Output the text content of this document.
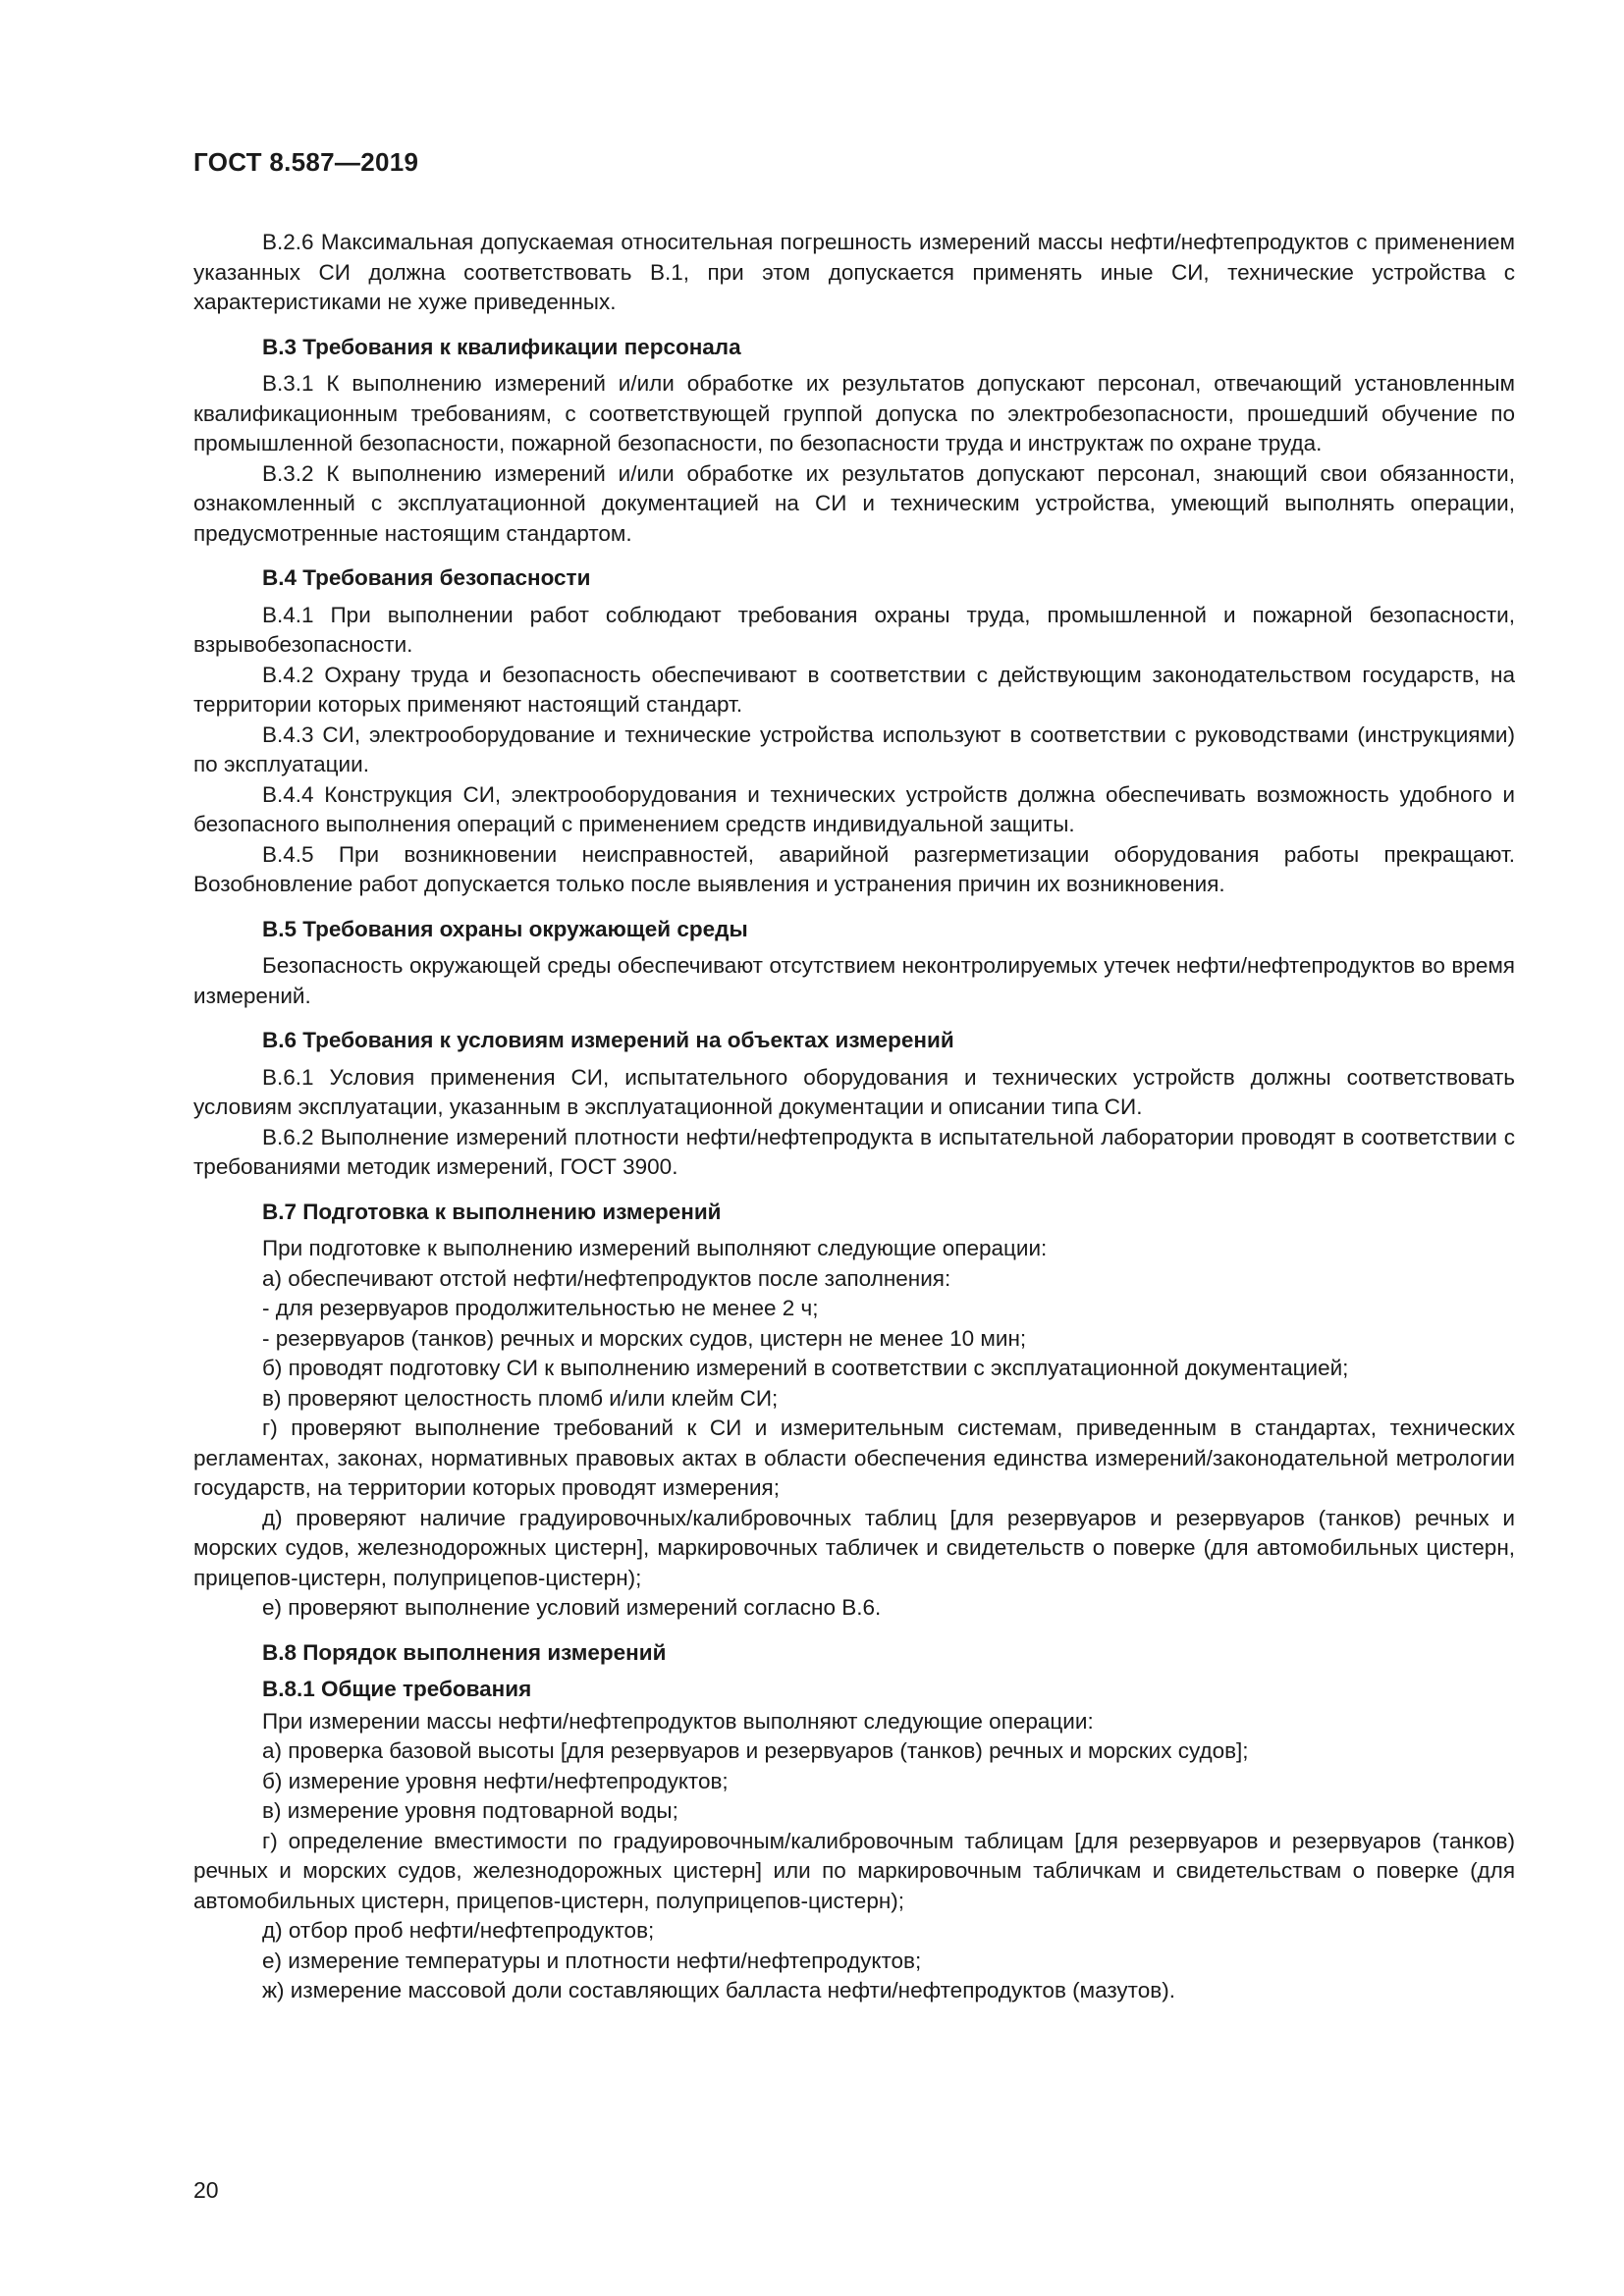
ГОСТ 8.587—2019
В.2.6 Максимальная допускаемая относительная погрешность измерений массы нефти/нефтепродуктов с применением указанных СИ должна соответствовать В.1, при этом допускается применять иные СИ, технические устройства с характеристиками не хуже приведенных.
В.3 Требования к квалификации персонала
В.3.1 К выполнению измерений и/или обработке их результатов допускают персонал, отвечающий установленным квалификационным требованиям, с соответствующей группой допуска по электробезопасности, прошедший обучение по промышленной безопасности, пожарной безопасности, по безопасности труда и инструктаж по охране труда.
В.3.2 К выполнению измерений и/или обработке их результатов допускают персонал, знающий свои обязанности, ознакомленный с эксплуатационной документацией на СИ и техническим устройства, умеющий выполнять операции, предусмотренные настоящим стандартом.
В.4 Требования безопасности
В.4.1 При выполнении работ соблюдают требования охраны труда, промышленной и пожарной безопасности, взрывобезопасности.
В.4.2 Охрану труда и безопасность обеспечивают в соответствии с действующим законодательством государств, на территории которых применяют настоящий стандарт.
В.4.3 СИ, электрооборудование и технические устройства используют в соответствии с руководствами (инструкциями) по эксплуатации.
В.4.4 Конструкция СИ, электрооборудования и технических устройств должна обеспечивать возможность удобного и безопасного выполнения операций с применением средств индивидуальной защиты.
В.4.5 При возникновении неисправностей, аварийной разгерметизации оборудования работы прекращают. Возобновление работ допускается только после выявления и устранения причин их возникновения.
В.5 Требования охраны окружающей среды
Безопасность окружающей среды обеспечивают отсутствием неконтролируемых утечек нефти/нефтепродуктов во время измерений.
В.6 Требования к условиям измерений на объектах измерений
В.6.1 Условия применения СИ, испытательного оборудования и технических устройств должны соответствовать условиям эксплуатации, указанным в эксплуатационной документации и описании типа СИ.
В.6.2 Выполнение измерений плотности нефти/нефтепродукта в испытательной лаборатории проводят в соответствии с требованиями методик измерений, ГОСТ 3900.
В.7 Подготовка к выполнению измерений
При подготовке к выполнению измерений выполняют следующие операции:
а) обеспечивают отстой нефти/нефтепродуктов после заполнения:
- для резервуаров продолжительностью не менее 2 ч;
- резервуаров (танков) речных и морских судов, цистерн не менее 10 мин;
б) проводят подготовку СИ к выполнению измерений в соответствии с эксплуатационной документацией;
в) проверяют целостность пломб и/или клейм СИ;
г) проверяют выполнение требований к СИ и измерительным системам, приведенным в стандартах, технических регламентах, законах, нормативных правовых актах в области обеспечения единства измерений/законодательной метрологии государств, на территории которых проводят измерения;
д) проверяют наличие градуировочных/калибровочных таблиц [для резервуаров и резервуаров (танков) речных и морских судов, железнодорожных цистерн], маркировочных табличек и свидетельств о поверке (для автомобильных цистерн, прицепов-цистерн, полуприцепов-цистерн);
е) проверяют выполнение условий измерений согласно В.6.
В.8 Порядок выполнения измерений
В.8.1 Общие требования
При измерении массы нефти/нефтепродуктов выполняют следующие операции:
а) проверка базовой высоты [для резервуаров и резервуаров (танков) речных и морских судов];
б) измерение уровня нефти/нефтепродуктов;
в) измерение уровня подтоварной воды;
г) определение вместимости по градуировочным/калибровочным таблицам [для резервуаров и резервуаров (танков) речных и морских судов, железнодорожных цистерн] или по маркировочным табличкам и свидетельствам о поверке (для автомобильных цистерн, прицепов-цистерн, полуприцепов-цистерн);
д) отбор проб нефти/нефтепродуктов;
е) измерение температуры и плотности нефти/нефтепродуктов;
ж) измерение массовой доли составляющих балласта нефти/нефтепродуктов (мазутов).
20
